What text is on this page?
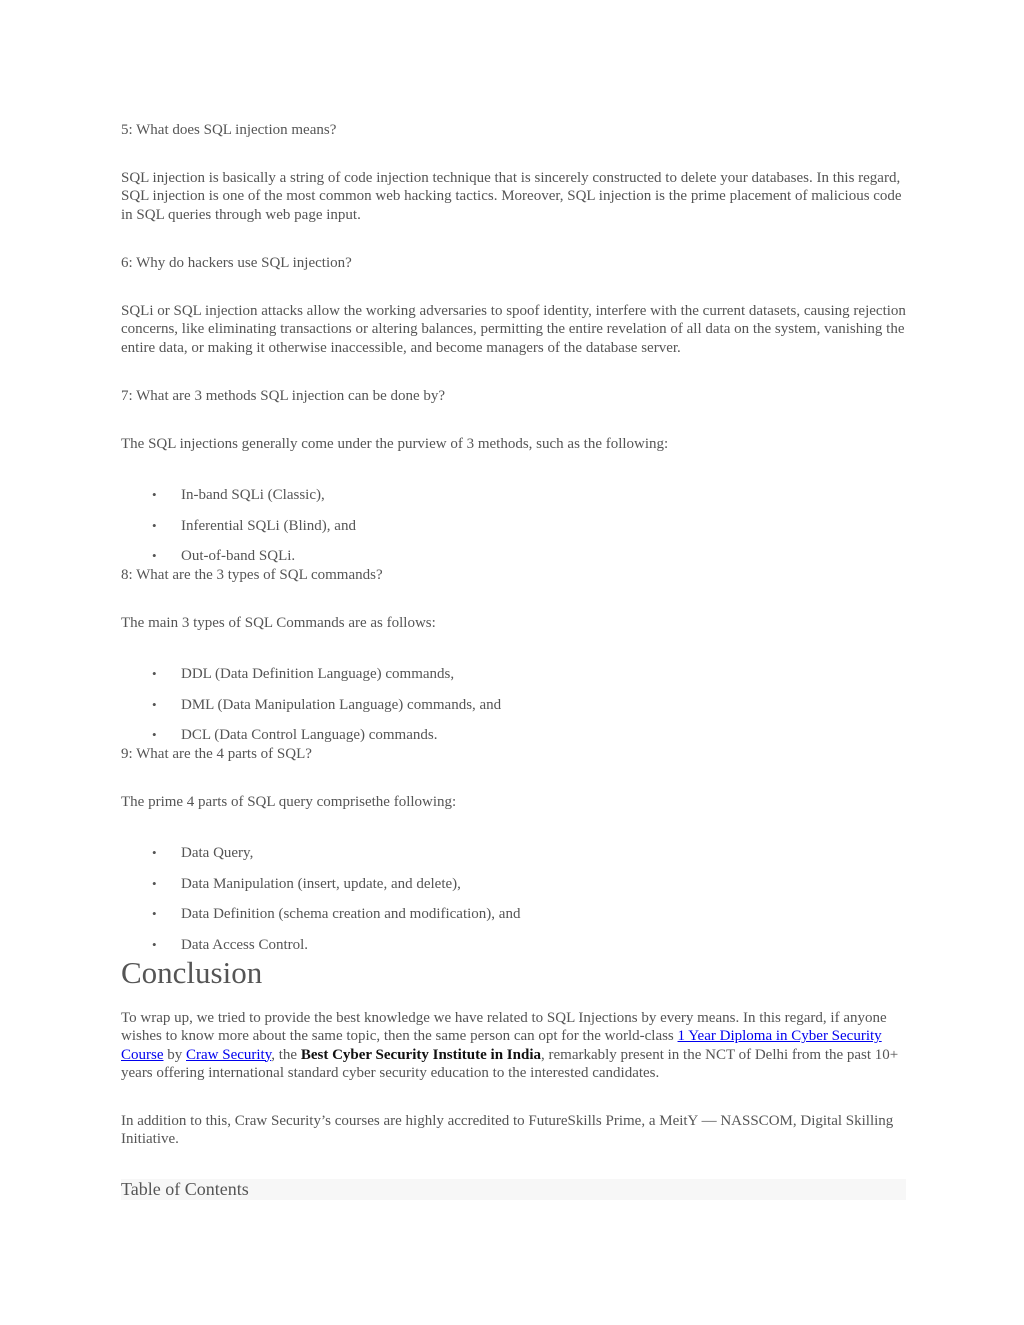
5: What does SQL injection means?

SQL injection is basically a string of code injection technique that is sincerely constructed to delete your databases. In this regard, SQL injection is one of the most common web hacking tactics. Moreover, SQL injection is the prime placement of malicious code in SQL queries through web page input.

6: Why do hackers use SQL injection?

SQLi or SQL injection attacks allow the working adversaries to spoof identity, interfere with the current datasets, causing rejection concerns, like eliminating transactions or altering balances, permitting the entire revelation of all data on the system, vanishing the entire data, or making it otherwise inaccessible, and become managers of the database server.

7: What are 3 methods SQL injection can be done by?

The SQL injections generally come under the purview of 3 methods, such as the following:

• In-band SQLi (Classic),
• Inferential SQLi (Blind), and
• Out-of-band SQLi.

8: What are the 3 types of SQL commands?

The main 3 types of SQL Commands are as follows:

• DDL (Data Definition Language) commands,
• DML (Data Manipulation Language) commands, and
• DCL (Data Control Language) commands.

9: What are the 4 parts of SQL?

The prime 4 parts of SQL query comprisethe following:

• Data Query,
• Data Manipulation (insert, update, and delete),
• Data Definition (schema creation and modification), and
• Data Access Control.
Conclusion

To wrap up, we tried to provide the best knowledge we have related to SQL Injections by every means. In this regard, if anyone wishes to know more about the same topic, then the same person can opt for the world-class 1 Year Diploma in Cyber Security Course by Craw Security, the Best Cyber Security Institute in India, remarkably present in the NCT of Delhi from the past 10+ years offering international standard cyber security education to the interested candidates.

In addition to this, Craw Security’s courses are highly accredited to FutureSkills Prime, a MeitY — NASSCOM, Digital Skilling Initiative.

Table of Contents
